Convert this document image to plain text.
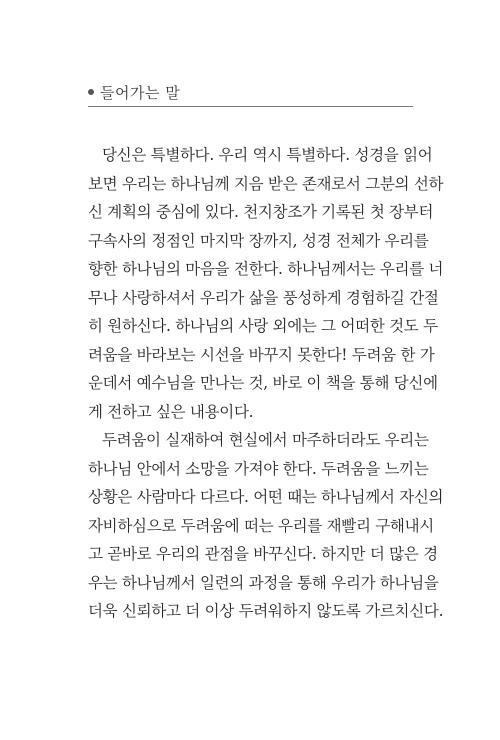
들어가는 말
당신은 특별하다. 우리 역시 특별하다. 성경을 읽어
보면 우리는 하나님께 지음 받은 존재로서 그분의 선하
신 계획의 중심에 있다. 천지창조가 기록된 첫 장부터
구속사의 정점인 마지막 장까지, 성경 전체가 우리를
향한 하나님의 마음을 전한다. 하나님께서는 우리를 너
무나 사랑하셔서 우리가 삶을 풍성하게 경험하길 간절
히 원하신다. 하나님의 사랑 외에는 그 어떠한 것도 두
려움을 바라보는 시선을 바꾸지 못한다! 두려움 한 가
운데서 예수님을 만나는 것, 바로 이 책을 통해 당신에
게 전하고 싶은 내용이다.
두려움이 실재하여 현실에서 마주하더라도 우리는
하나님 안에서 소망을 가져야 한다. 두려움을 느끼는
상황은 사람마다 다르다. 어떤 때는 하나님께서 자신의
자비하심으로 두려움에 떠는 우리를 재빨리 구해내시
고 곧바로 우리의 관점을 바꾸신다. 하지만 더 많은 경
우는 하나님께서 일련의 과정을 통해 우리가 하나님을
더욱 신뢰하고 더 이상 두려워하지 않도록 가르치신다.
